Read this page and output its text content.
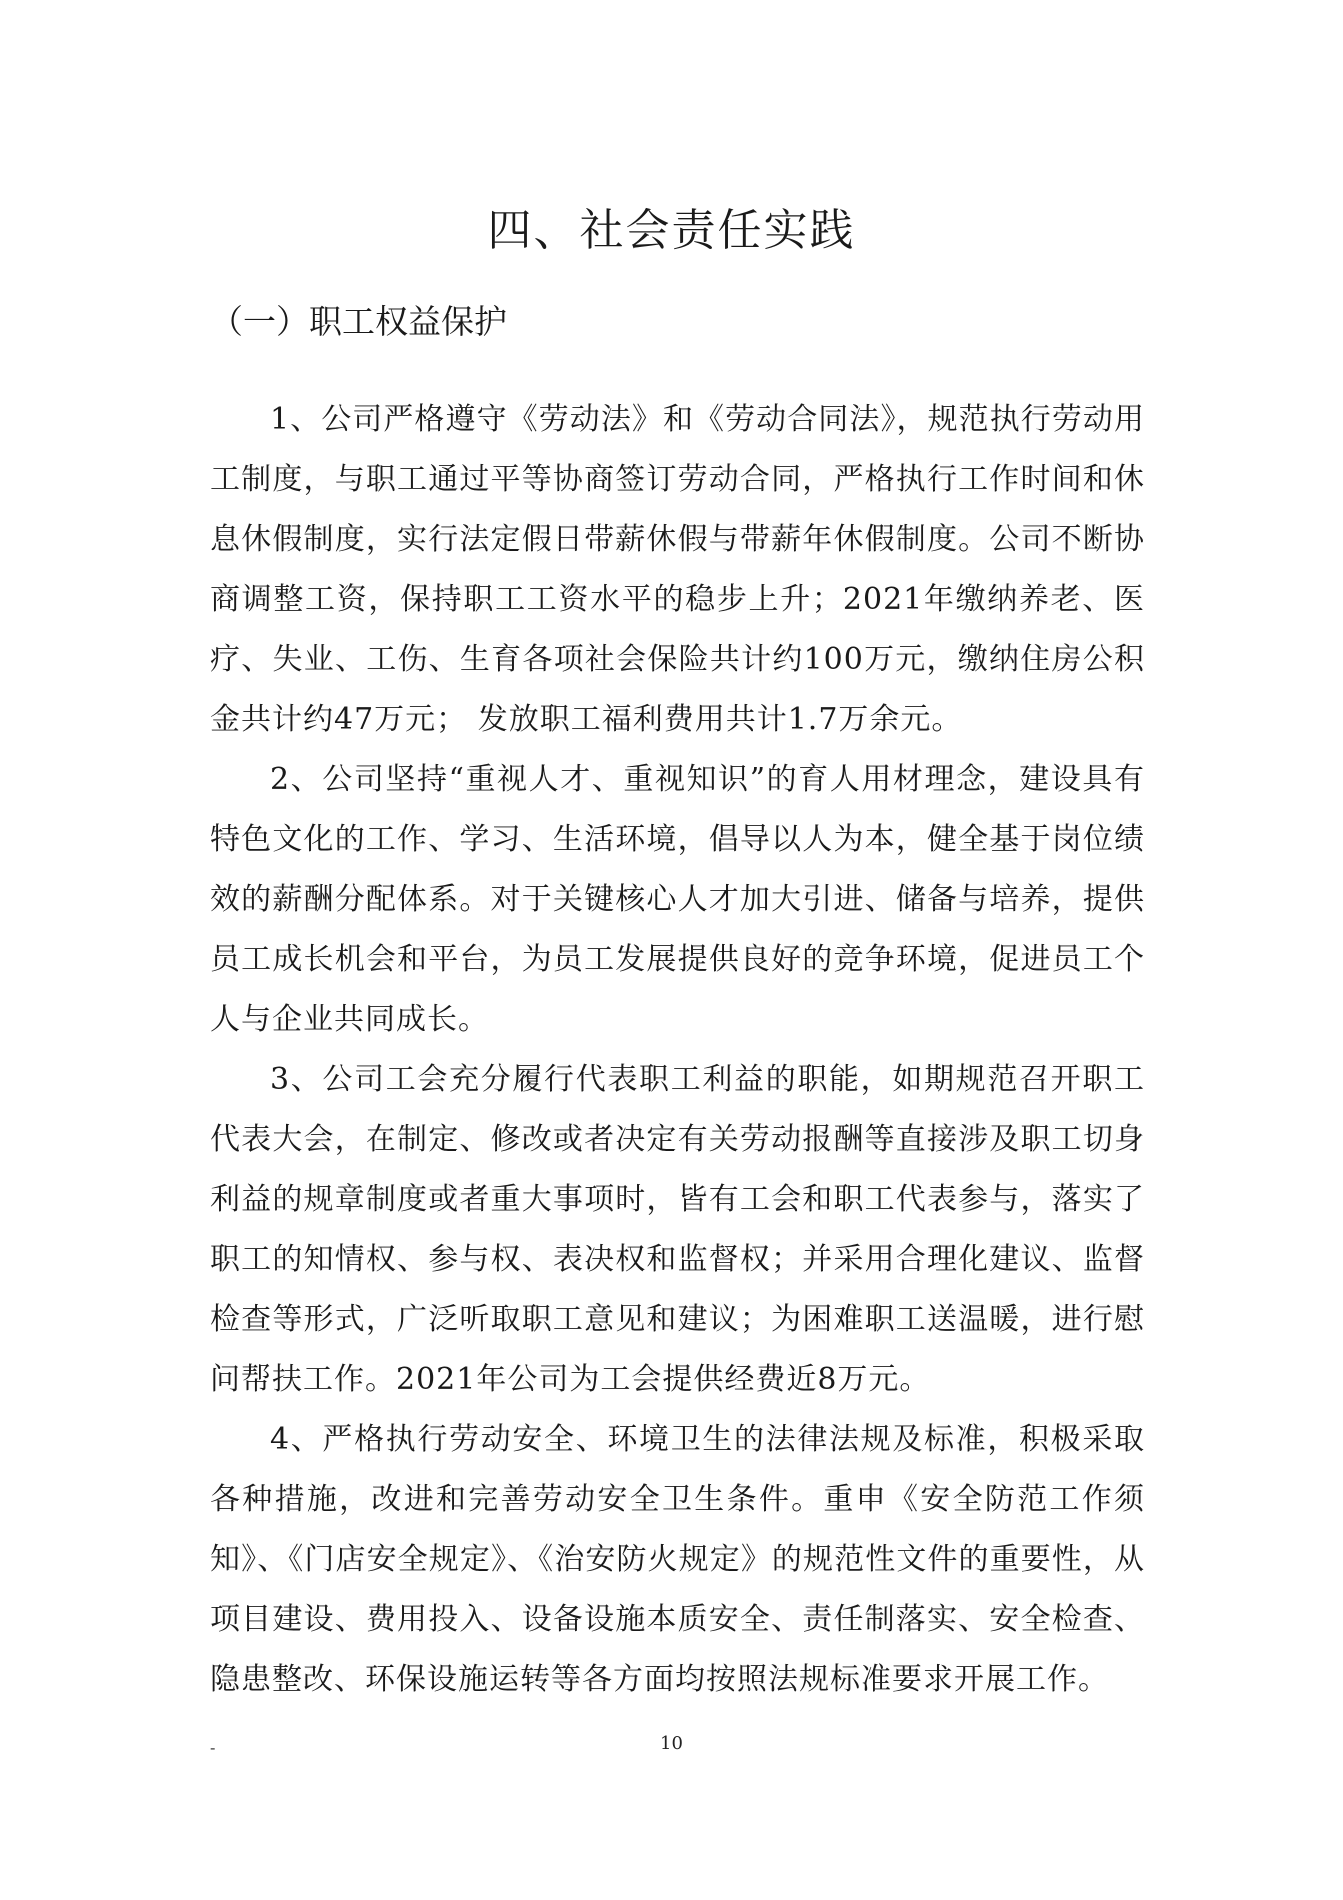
四、社会责任实践
（一）职工权益保护

1、公司严格遵守《劳动法》和《劳动合同法》，规范执行劳动用工制度，与职工通过平等协商签订劳动合同，严格执行工作时间和休息休假制度，实行法定假日带薪休假与带薪年休假制度。公司不断协商调整工资，保持职工工资水平的稳步上升；2021年缴纳养老、医疗、失业、工伤、生育各项社会保险共计约100万元，缴纳住房公积金共计约47万元； 发放职工福利费用共计1.7万余元。

2、公司坚持“重视人才、重视知识”的育人用材理念，建设具有特色文化的工作、学习、生活环境，倡导以人为本，健全基于岗位绩效的薪酬分配体系。对于关键核心人才加大引进、储备与培养，提供员工成长机会和平台，为员工发展提供良好的竞争环境，促进员工个人与企业共同成长。

3、公司工会充分履行代表职工利益的职能，如期规范召开职工代表大会，在制定、修改或者决定有关劳动报酬等直接涉及职工切身利益的规章制度或者重大事项时，皆有工会和职工代表参与，落实了职工的知情权、参与权、表决权和监督权；并采用合理化建议、监督检查等形式，广泛听取职工意见和建议；为困难职工送温暖，进行慰问帮扶工作。2021年公司为工会提供经费近8万元。

4、严格执行劳动安全、环境卫生的法律法规及标准，积极采取各种措施，改进和完善劳动安全卫生条件。重申《安全防范工作须知》、《门店安全规定》、《治安防火规定》的规范性文件的重要性，从项目建设、费用投入、设备设施本质安全、责任制落实、安全检查、隐患整改、环保设施运转等各方面均按照法规标准要求开展工作。

-	10
